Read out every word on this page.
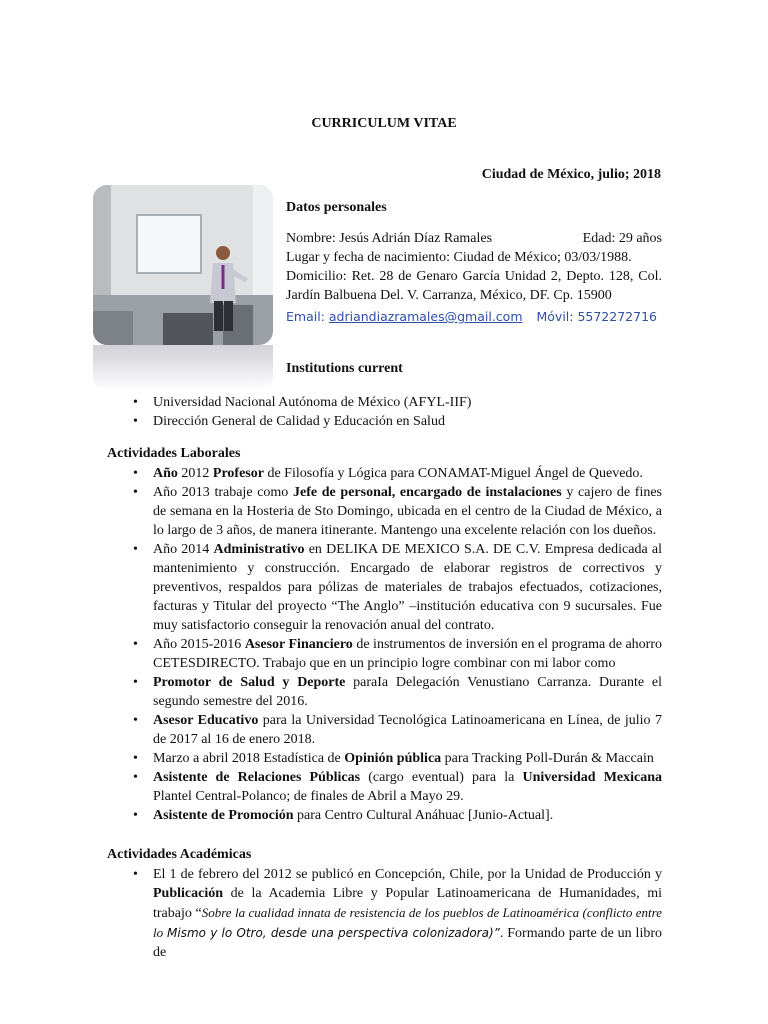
CURRICULUM VITAE
Ciudad de México, julio; 2018
Datos personales
Nombre: Jesús Adrián Díaz Ramales	Edad: 29 años
Lugar y fecha de nacimiento: Ciudad de México; 03/03/1988.
Domicilio: Ret. 28 de Genaro García Unidad 2, Depto. 128, Col. Jardín Balbuena Del. V. Carranza, México, DF. Cp. 15900
Email: adriandiazramales@gmail.com Móvil: 5572272716
Institutions current
• Universidad Nacional Autónoma de México (AFYL-IIF)
• Dirección General de Calidad y Educación en Salud
Actividades Laborales
• Año 2012 Profesor de Filosofía y Lógica para CONAMAT-Miguel Ángel de Quevedo.
• Año 2013 trabaje como Jefe de personal, encargado de instalaciones y cajero de fines de semana en la Hosteria de Sto Domingo, ubicada en el centro de la Ciudad de México, a lo largo de 3 años, de manera itinerante. Mantengo una excelente relación con los dueños.
• Año 2014 Administrativo en DELIKA DE MEXICO S.A. DE C.V. Empresa dedicada al mantenimiento y construcción. Encargado de elaborar registros de correctivos y preventivos, respaldos para pólizas de materiales de trabajos efectuados, cotizaciones, facturas y Titular del proyecto “The Anglo” –institución educativa con 9 sucursales. Fue muy satisfactorio conseguir la renovación anual del contrato.
• Año 2015-2016 Asesor Financiero de instrumentos de inversión en el programa de ahorro CETESDIRECTO. Trabajo que en un principio logre combinar con mi labor como
• Promotor de Salud y Deporte paraIa Delegación Venustiano Carranza. Durante el segundo semestre del 2016.
• Asesor Educativo para la Universidad Tecnológica Latinoamericana en Línea, de julio 7 de 2017 al 16 de enero 2018.
• Marzo a abril 2018 Estadística de Opinión pública para Tracking Poll-Durán & Maccain
• Asistente de Relaciones Públicas (cargo eventual) para la Universidad Mexicana Plantel Central-Polanco; de finales de Abril a Mayo 29.
• Asistente de Promoción para Centro Cultural Anáhuac [Junio-Actual].
Actividades Académicas
• El 1 de febrero del 2012 se publicó en Concepción, Chile, por la Unidad de Producción y Publicación de la Academia Libre y Popular Latinoamericana de Humanidades, mi trabajo “Sobre la cualidad innata de resistencia de los pueblos de Latinoamérica (conflicto entre lo Mismo y lo Otro, desde una perspectiva colonizadora)”. Formando parte de un libro de
